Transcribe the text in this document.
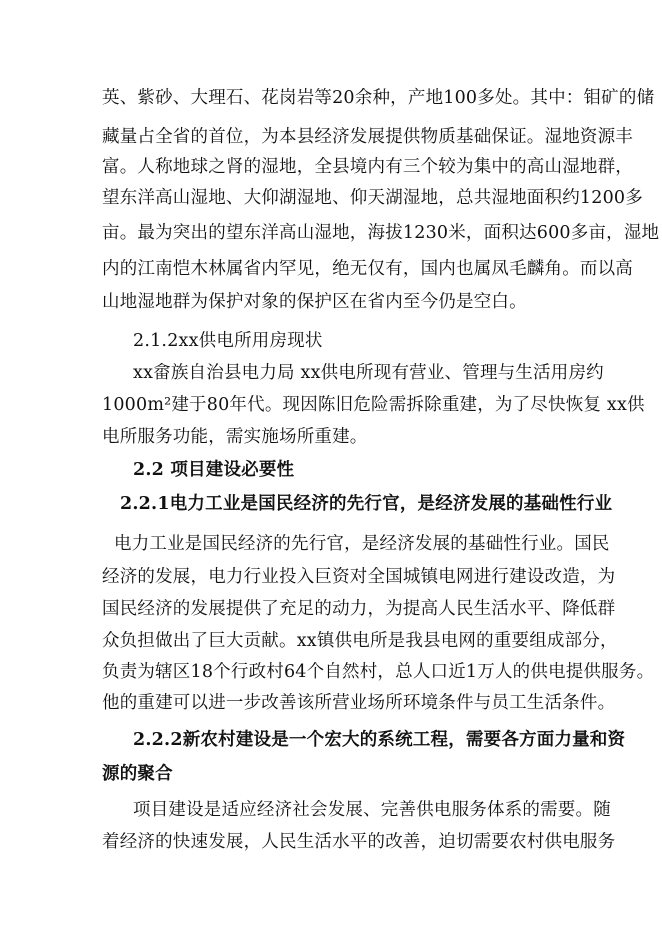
英、紫砂、大理石、花岗岩等20余种，产地100多处。其中：钼矿的储
藏量占全省的首位，为本县经济发展提供物质基础保证。湿地资源丰
富。人称地球之肾的湿地，全县境内有三个较为集中的高山湿地群，
望东洋高山湿地、大仰湖湿地、仰天湖湿地，总共湿地面积约1200多
亩。最为突出的望东洋高山湿地，海拔1230米，面积达600多亩，湿地
内的江南恺木林属省内罕见，绝无仅有，国内也属凤毛麟角。而以高
山地湿地群为保护对象的保护区在省内至今仍是空白。
2.1.2xx供电所用房现状
xx畲族自治县电力局 xx供电所现有营业、管理与生活用房约
1000m²建于80年代。现因陈旧危险需拆除重建，为了尽快恢复 xx供
电所服务功能，需实施场所重建。
2.2 项目建设必要性
2.2.1电力工业是国民经济的先行官，是经济发展的基础性行业
电力工业是国民经济的先行官，是经济发展的基础性行业。国民
经济的发展，电力行业投入巨资对全国城镇电网进行建设改造，为
国民经济的发展提供了充足的动力，为提高人民生活水平、降低群
众负担做出了巨大贡献。xx镇供电所是我县电网的重要组成部分，
负责为辖区18个行政村64个自然村，总人口近1万人的供电提供服务。
他的重建可以进一步改善该所营业场所环境条件与员工生活条件。
2.2.2新农村建设是一个宏大的系统工程，需要各方面力量和资
源的聚合
项目建设是适应经济社会发展、完善供电服务体系的需要。随
着经济的快速发展，人民生活水平的改善，迫切需要农村供电服务
